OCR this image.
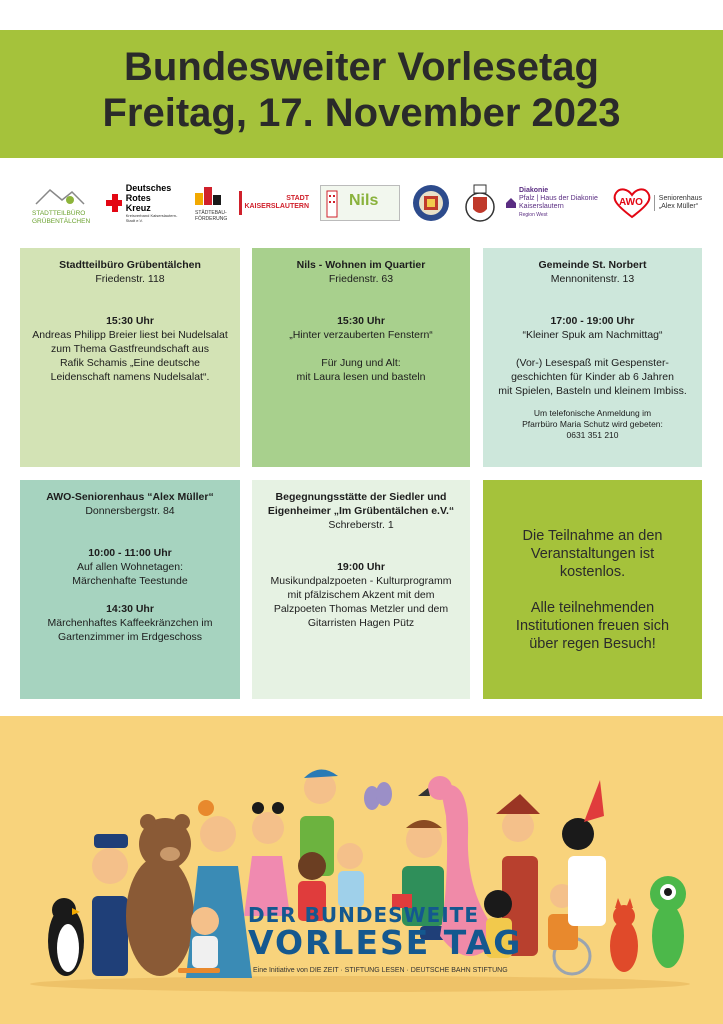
Bundesweiter Vorlesetag
Freitag, 17. November 2023
STADTTEILBÜRO GRÜBENTÄLCHEN
Deutsches
Rotes
Kreuz
Kreisverband Kaiserslautern-Stadt e.V.
STÄDTEBAU-FÖRDERUNG
STADT
KAISERSLAUTERN	Nils
Diakonie
Pfalz | Haus der Diakonie
Kaiserslautern
Region West
AWO Seniorenhaus
„Alex Müller“
Stadtteilbüro Grübentälchen
Friedenstr. 118
15:30 Uhr
Andreas Philipp Breier liest bei Nudelsalat
zum Thema Gastfreundschaft aus
Rafik Schamis „Eine deutsche
Leidenschaft namens Nudelsalat“.
Nils - Wohnen im Quartier
Friedenstr. 63
15:30 Uhr
„Hinter verzauberten Fenstern“
Für Jung und Alt:
mit Laura lesen und basteln
Gemeinde St. Norbert
Mennonitenstr. 13
17:00 - 19:00 Uhr
“Kleiner Spuk am Nachmittag“
(Vor-) Lesespaß mit Gespenster-
geschichten für Kinder ab 6 Jahren
mit Spielen, Basteln und kleinem Imbiss.
Um telefonische Anmeldung im
Pfarrbüro Maria Schutz wird gebeten:
0631 351 210
AWO-Seniorenhaus “Alex Müller“
Donnersbergstr. 84
10:00 - 11:00 Uhr
Auf allen Wohnetagen:
Märchenhafte Teestunde
14:30 Uhr
Märchenhaftes Kaffeekränzchen im
Gartenzimmer im Erdgeschoss
Begegnungsstätte der Siedler und
Eigenheimer „Im Grübentälchen e.V.“
Schreberstr. 1
19:00 Uhr
Musikundpalzpoeten - Kulturprogramm
mit pfälzischem Akzent mit dem
Palzpoeten Thomas Metzler und dem
Gitarristen Hagen Pütz
Die Teilnahme an den
Veranstaltungen ist
kostenlos.
Alle teilnehmenden
Institutionen freuen sich
über regen Besuch!
DER BUNDESWEITE
VORLESE TAG
Eine Initiative von DIE ZEIT · STIFTUNG LESEN · DEUTSCHE BAHN STIFTUNG
